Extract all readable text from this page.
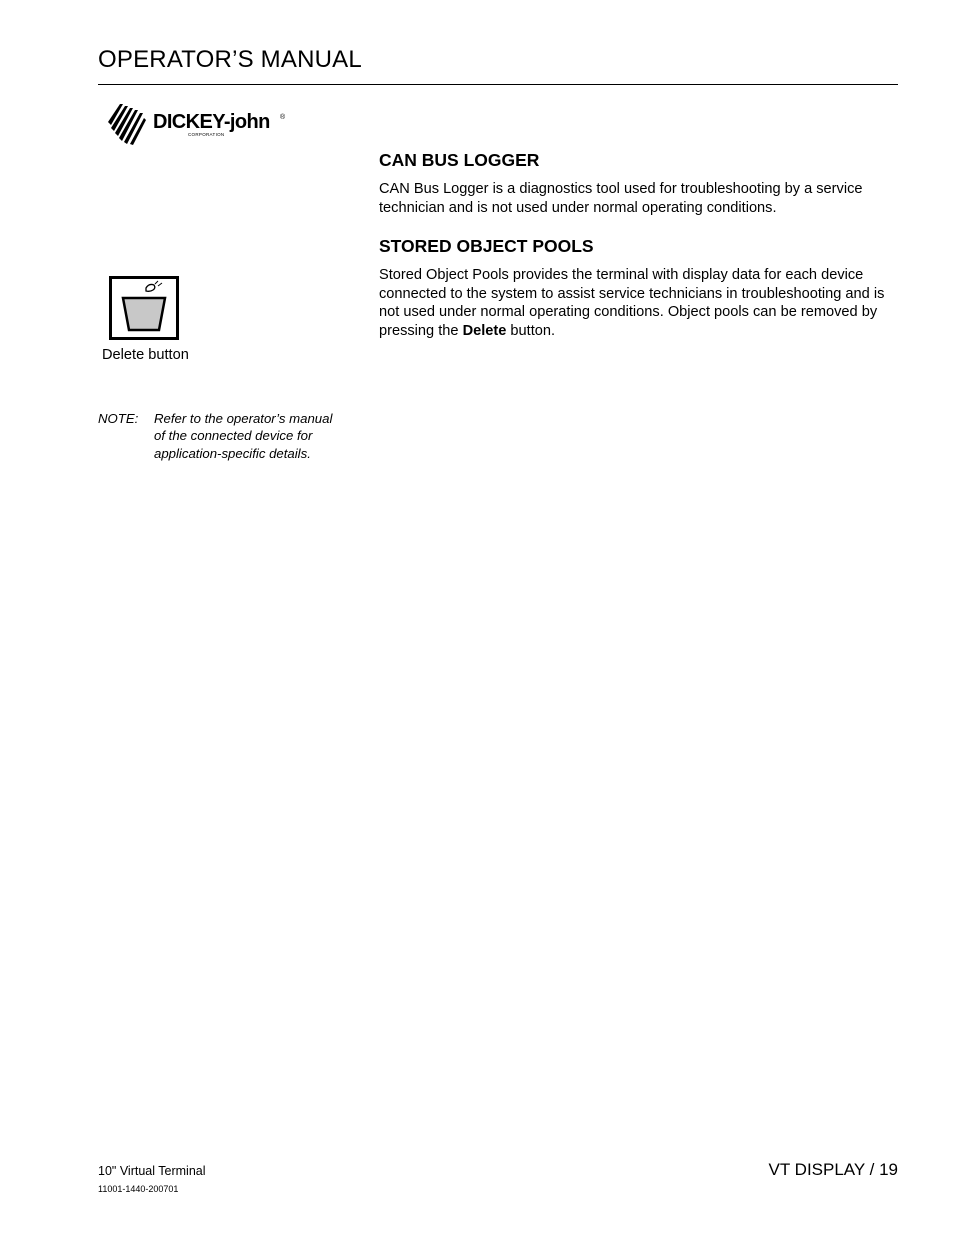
OPERATOR’S MANUAL
DICKEY-john ®
CORPORATION
CAN BUS LOGGER
CAN Bus Logger is a diagnostics tool used for troubleshooting by a service technician and is not used under normal operating conditions.
STORED OBJECT POOLS
Stored Object Pools provides the terminal with display data for each device connected to the system to assist service technicians in troubleshooting and is not used under normal operating conditions. Object pools can be removed by pressing the Delete button.
Delete button
NOTE: Refer to the operator’s manual
of the connected device for
application-specific details.
10" Virtual Terminal
11001-1440-200701
VT DISPLAY / 19
